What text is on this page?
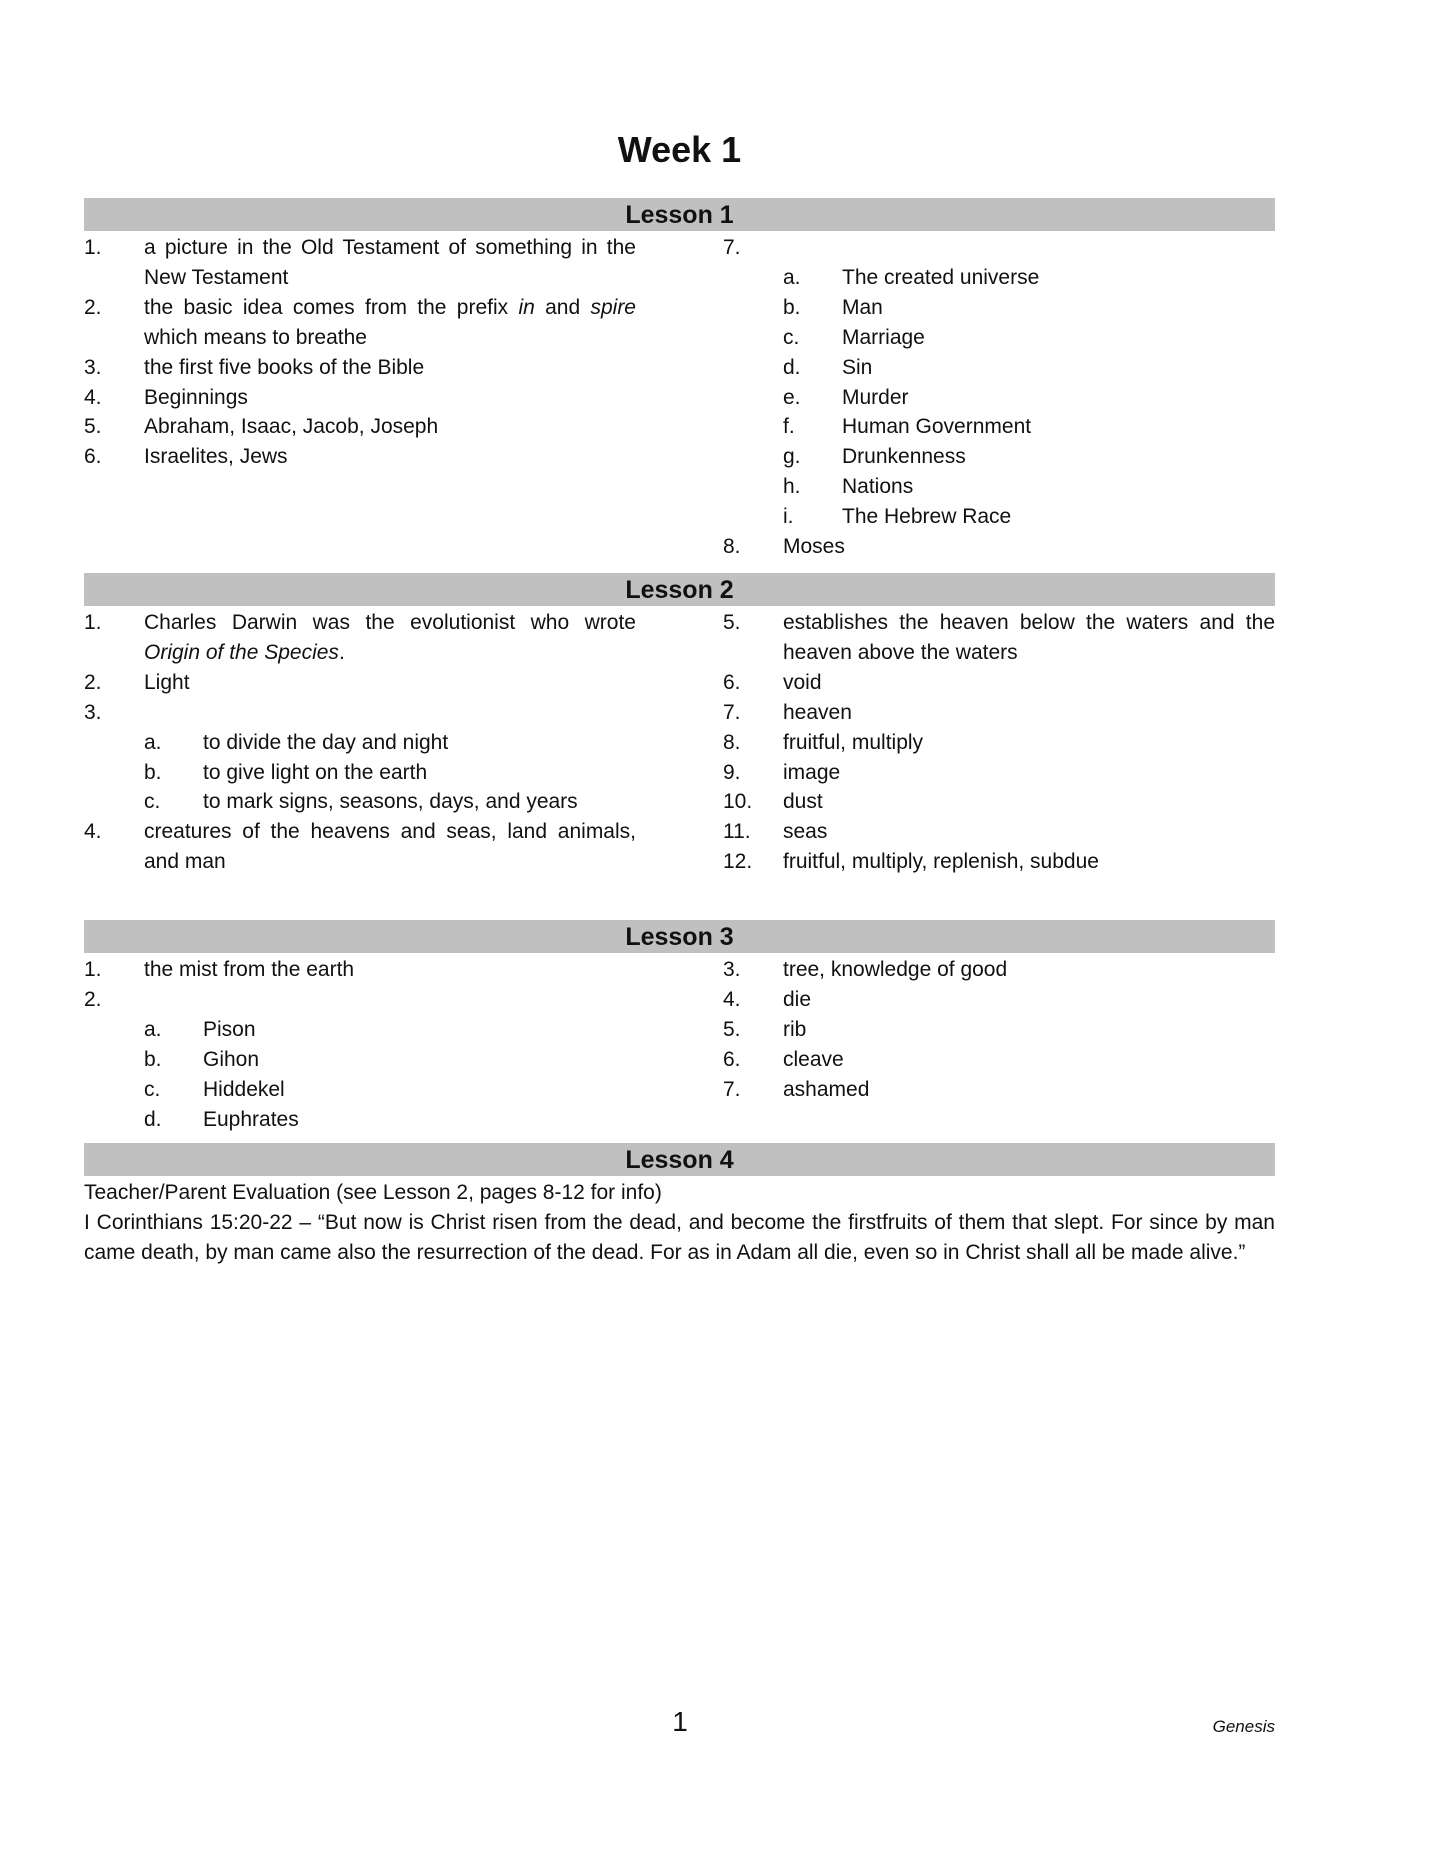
Week 1
Lesson 1
1.	a picture in the Old Testament of something in the New Testament
2.	the basic idea comes from the prefix in and spire which means to breathe
3.	the first five books of the Bible
4.	Beginnings
5.	Abraham, Isaac, Jacob, Joseph
6.	Israelites, Jews
7.
a.	The created universe
b.	Man
c.	Marriage
d.	Sin
e.	Murder
f.	Human Government
g.	Drunkenness
h.	Nations
i.	The Hebrew Race
8.	Moses
Lesson 2
1.	Charles Darwin was the evolutionist who wrote Origin of the Species.
2.	Light
3.
a.	to divide the day and night
b.	to give light on the earth
c.	to mark signs, seasons, days, and years
4.	creatures of the heavens and seas, land animals, and man
5.	establishes the heaven below the waters and the heaven above the waters
6.	void
7.	heaven
8.	fruitful, multiply
9.	image
10.	dust
11.	seas
12.	fruitful, multiply, replenish, subdue
Lesson 3
1.	the mist from the earth
2.
a.	Pison
b.	Gihon
c.	Hiddekel
d.	Euphrates
3.	tree, knowledge of good
4.	die
5.	rib
6.	cleave
7.	ashamed
Lesson 4

Teacher/Parent Evaluation (see Lesson 2, pages 8-12 for info)

I Corinthians 15:20-22 – “But now is Christ risen from the dead, and become the firstfruits of them that slept. For since by man came death, by man came also the resurrection of the dead. For as in Adam all die, even so in Christ shall all be made alive.”

1	Genesis
